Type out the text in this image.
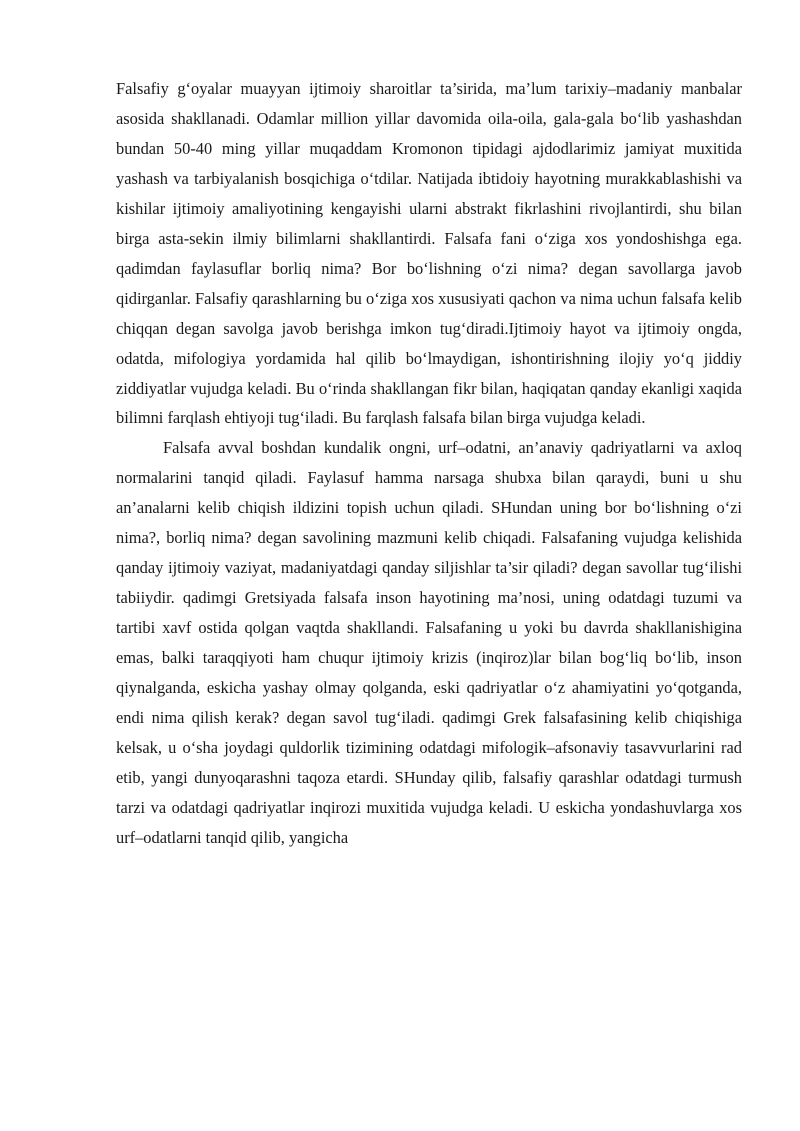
Falsafiy g‘oyalar muayyan ijtimoiy sharoitlar ta’sirida, ma’lum tarixiy–madaniy manbalar asosida shakllanadi. Odamlar million yillar davomida oila-oila, gala-gala bo‘lib yashashdan bundan 50-40 ming yillar muqaddam Kromonon tipidagi ajdodlarimiz jamiyat muxitida yashash va tarbiyalanish bosqichiga o‘tdilar. Natijada ibtidoiy hayotning murakkablashishi va kishilar ijtimoiy amaliyotining kengayishi ularni abstrakt fikrlashini rivojlantirdi, shu bilan birga asta-sekin ilmiy bilimlarni shakllantirdi. Falsafa fani o‘ziga xos yondoshishga ega. qadimdan faylasuflar borliq nima? Bor bo‘lishning o‘zi nima? degan savollarga javob qidirganlar. Falsafiy qarashlarning bu o‘ziga xos xususiyati qachon va nima uchun falsafa kelib chiqqan degan savolga javob berishga imkon tug‘diradi.Ijtimoiy hayot va ijtimoiy ongda, odatda, mifologiya yordamida hal qilib bo‘lmaydigan, ishontirishning ilojiy yo‘q jiddiy ziddiyatlar vujudga keladi. Bu o‘rinda shakllangan fikr bilan, haqiqatan qanday ekanligi xaqida bilimni farqlash ehtiyoji tug‘iladi. Bu farqlash falsafa bilan birga vujudga keladi.

Falsafa avval boshdan kundalik ongni, urf–odatni, an’anaviy qadriyatlarni va axloq normalarini tanqid qiladi. Faylasuf hamma narsaga shubxa bilan qaraydi, buni u shu an’analarni kelib chiqish ildizini topish uchun qiladi. SHundan uning bor bo‘lishning o‘zi nima?, borliq nima? degan savolining mazmuni kelib chiqadi. Falsafaning vujudga kelishida qanday ijtimoiy vaziyat, madaniyatdagi qanday siljishlar ta’sir qiladi? degan savollar tug‘ilishi tabiiydir. qadimgi Gretsiyada falsafa inson hayotining ma’nosi, uning odatdagi tuzumi va tartibi xavf ostida qolgan vaqtda shakllandi. Falsafaning u yoki bu davrda shakllanishigina emas, balki taraqqiyoti ham chuqur ijtimoiy krizis (inqiroz)lar bilan bog‘liq bo‘lib, inson qiynalganda, eskicha yashay olmay qolganda, eski qadriyatlar o‘z ahamiyatini yo‘qotganda, endi nima qilish kerak? degan savol tug‘iladi. qadimgi Grek falsafasining kelib chiqishiga kelsak, u o‘sha joydagi quldorlik tizimining odatdagi mifologik–afsonaviy tasavvurlarini rad etib, yangi dunyoqarashni taqoza etardi. SHunday qilib, falsafiy qarashlar odatdagi turmush tarzi va odatdagi qadriyatlar inqirozi muxitida vujudga keladi. U eskicha yondashuvlarga xos urf–odatlarni tanqid qilib, yangicha
